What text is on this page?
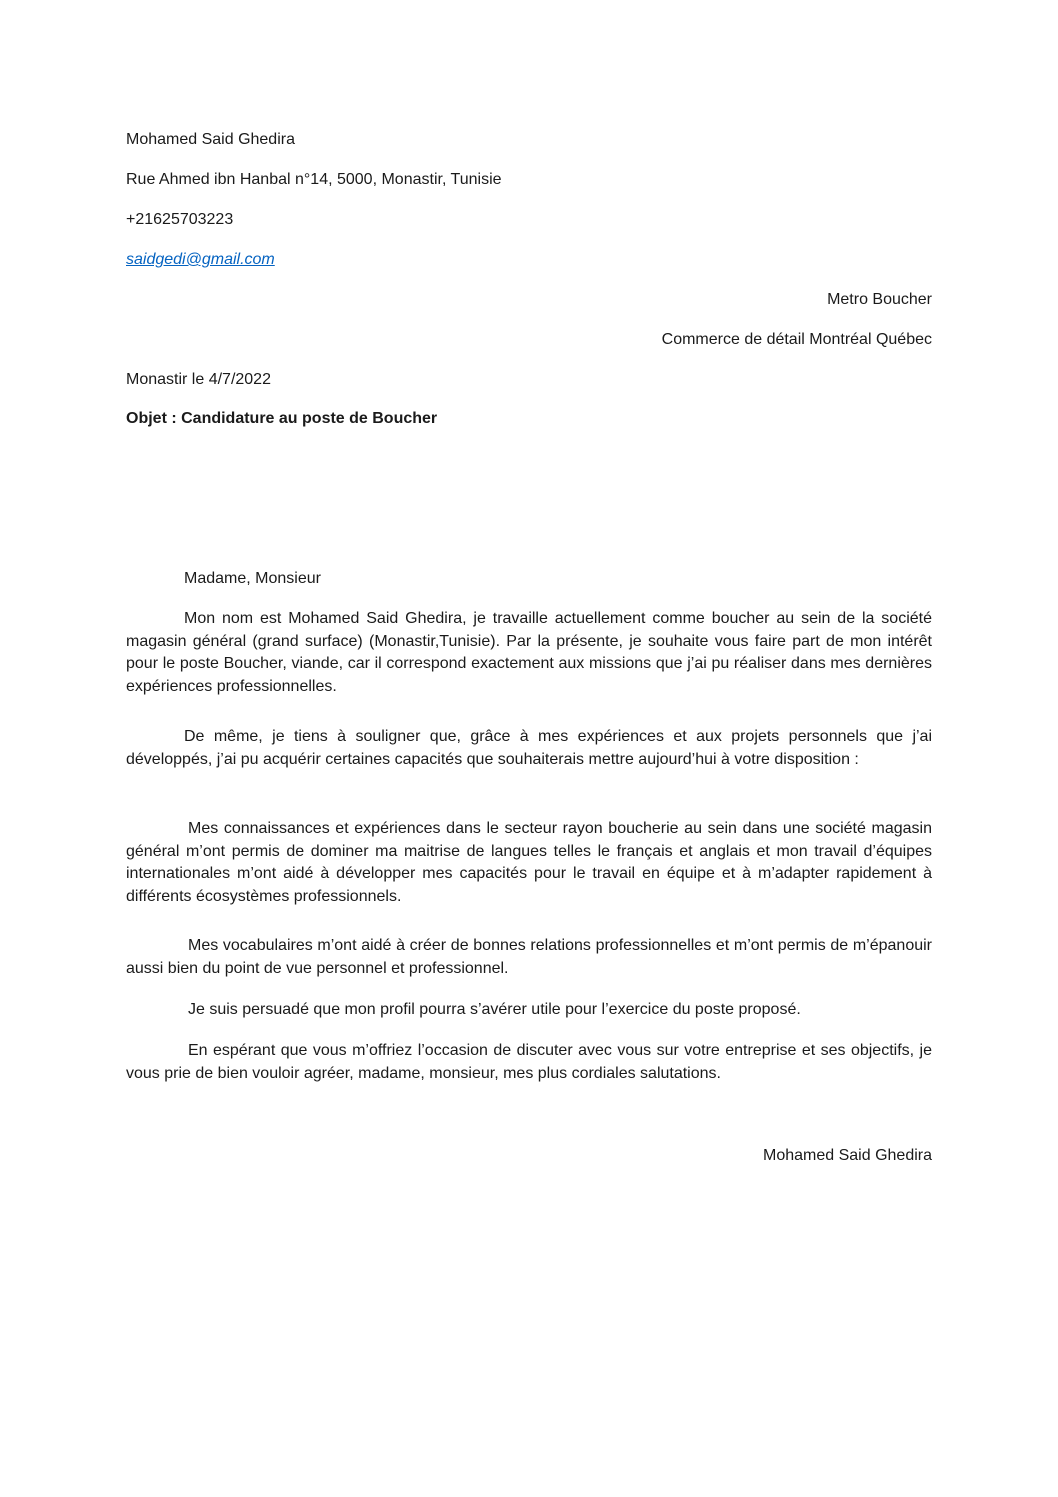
Mohamed Said Ghedira
Rue Ahmed ibn Hanbal n°14, 5000, Monastir, Tunisie
+21625703223
saidgedi@gmail.com
Metro Boucher
Commerce de détail Montréal Québec
Monastir le 4/7/2022
Objet : Candidature au poste de Boucher
Madame, Monsieur
Mon nom est Mohamed Said Ghedira, je travaille actuellement comme boucher au sein de la société magasin général (grand surface) (Monastir,Tunisie). Par la présente, je souhaite vous faire part de mon intérêt pour le poste Boucher, viande, car il correspond exactement aux missions que j’ai pu réaliser dans mes dernières expériences professionnelles.
De même, je tiens à souligner que, grâce à mes expériences et aux projets personnels que j’ai développés, j’ai pu acquérir certaines capacités que souhaiterais mettre aujourd’hui à votre disposition :
Mes connaissances et expériences dans le secteur rayon boucherie au sein dans une société magasin général m’ont permis de dominer ma maitrise de langues telles le français et anglais et mon travail d’équipes internationales m’ont aidé à développer mes capacités pour le travail en équipe et à m’adapter rapidement à différents écosystèmes professionnels.
Mes vocabulaires m’ont aidé à créer de bonnes relations professionnelles et m’ont permis de m’épanouir aussi bien du point de vue personnel et professionnel.
Je suis persuadé que mon profil pourra s’avérer utile pour l’exercice du poste proposé.
En espérant que vous m’offriez l’occasion de discuter avec vous sur votre entreprise et ses objectifs, je vous prie de bien vouloir agréer, madame, monsieur, mes plus cordiales salutations.
Mohamed Said Ghedira
